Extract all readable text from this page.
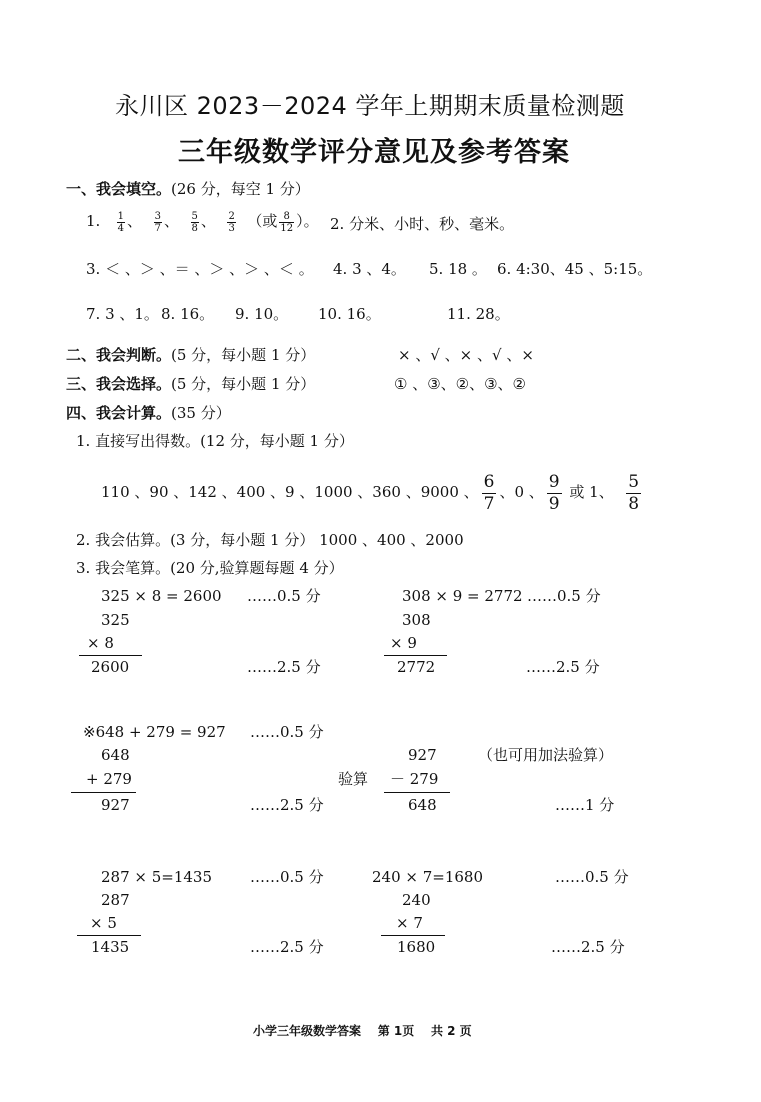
永川区 2023－2024 学年上期期末质量检测题
三年级数学评分意见及参考答案
一、我会填空。(26 分，每空 1 分）
1. $\frac{1}{4}$ 、 $\frac{3}{7}$ 、 $\frac{5}{8}$ 、 $\frac{2}{3}$ （或 $\frac{8}{12}$ ）。 2. 分米、小时、秒、毫米。
3. ＜ 、＞ 、＝ 、＞ 、＞ 、＜ 。 4. 3 、4。 5. 18 。 6. 4:30、45 、5:15。
7. 3 、1。 8. 16。 9. 10。 10. 16。	11. 28。
二、我会判断。(5 分，每小题 1 分）	× 、√ 、× 、√ 、×
三、我会选择。(5 分，每小题 1 分）	① 、③、②、③、②
四、我会计算。(35 分）
1. 直接写出得数。(12 分，每小题 1 分）
110 、90 、142 、400 、9 、1000 、360 、9000 、 $\frac{6}{7}$ 、0 、 $\frac{9}{9}$ 或 1、 $\frac{5}{8}$
2. 我会估算。(3 分，每小题 1 分） 1000 、400 、2000
3. 我会笔算。(20 分,验算题每题 4 分）
325 × 8 = 2600 ……0.5 分
325
× 8
2600	……2.5 分
308 × 9 = 2772 ……0.5 分
308
× 9
2772	……2.5 分
※648 + 279 = 927 ……0.5 分
648
+ 279
927	……2.5 分
927	（也可用加法验算）
验算 － 279
648	……1 分
287 × 5=1435	……0.5 分
287
× 5
1435	……2.5 分
240 × 7=1680	……0.5 分
240
× 7
1680	……2.5 分
小学三年级数学答案    第 1页    共 2 页
